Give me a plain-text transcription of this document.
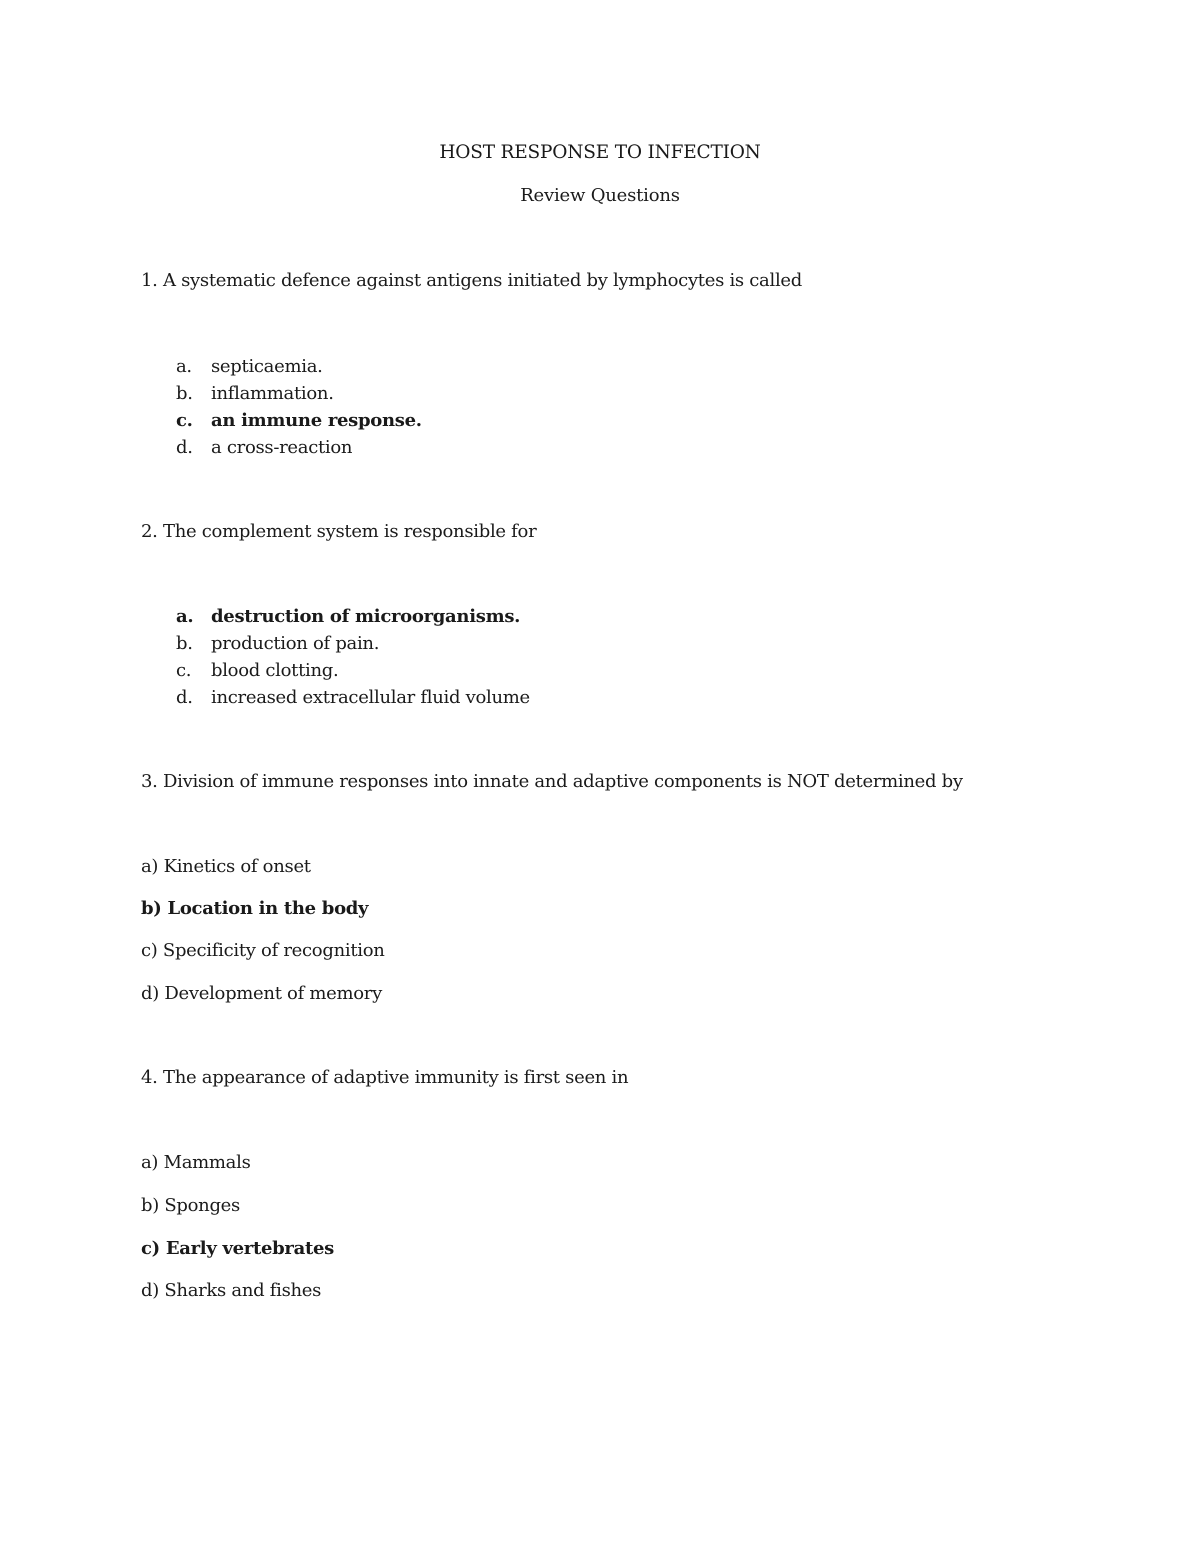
HOST RESPONSE TO INFECTION
Review Questions
1. A systematic defence against antigens initiated by lymphocytes is called
a. septicaemia.
b. inflammation.
c. an immune response.
d. a cross-reaction
2. The complement system is responsible for
a. destruction of microorganisms.
b. production of pain.
c. blood clotting.
d. increased extracellular fluid volume
3. Division of immune responses into innate and adaptive components is NOT determined by
a) Kinetics of onset
b) Location in the body
c) Specificity of recognition
d) Development of memory
4. The appearance of adaptive immunity is first seen in
a) Mammals
b) Sponges
c) Early vertebrates
d) Sharks and fishes
